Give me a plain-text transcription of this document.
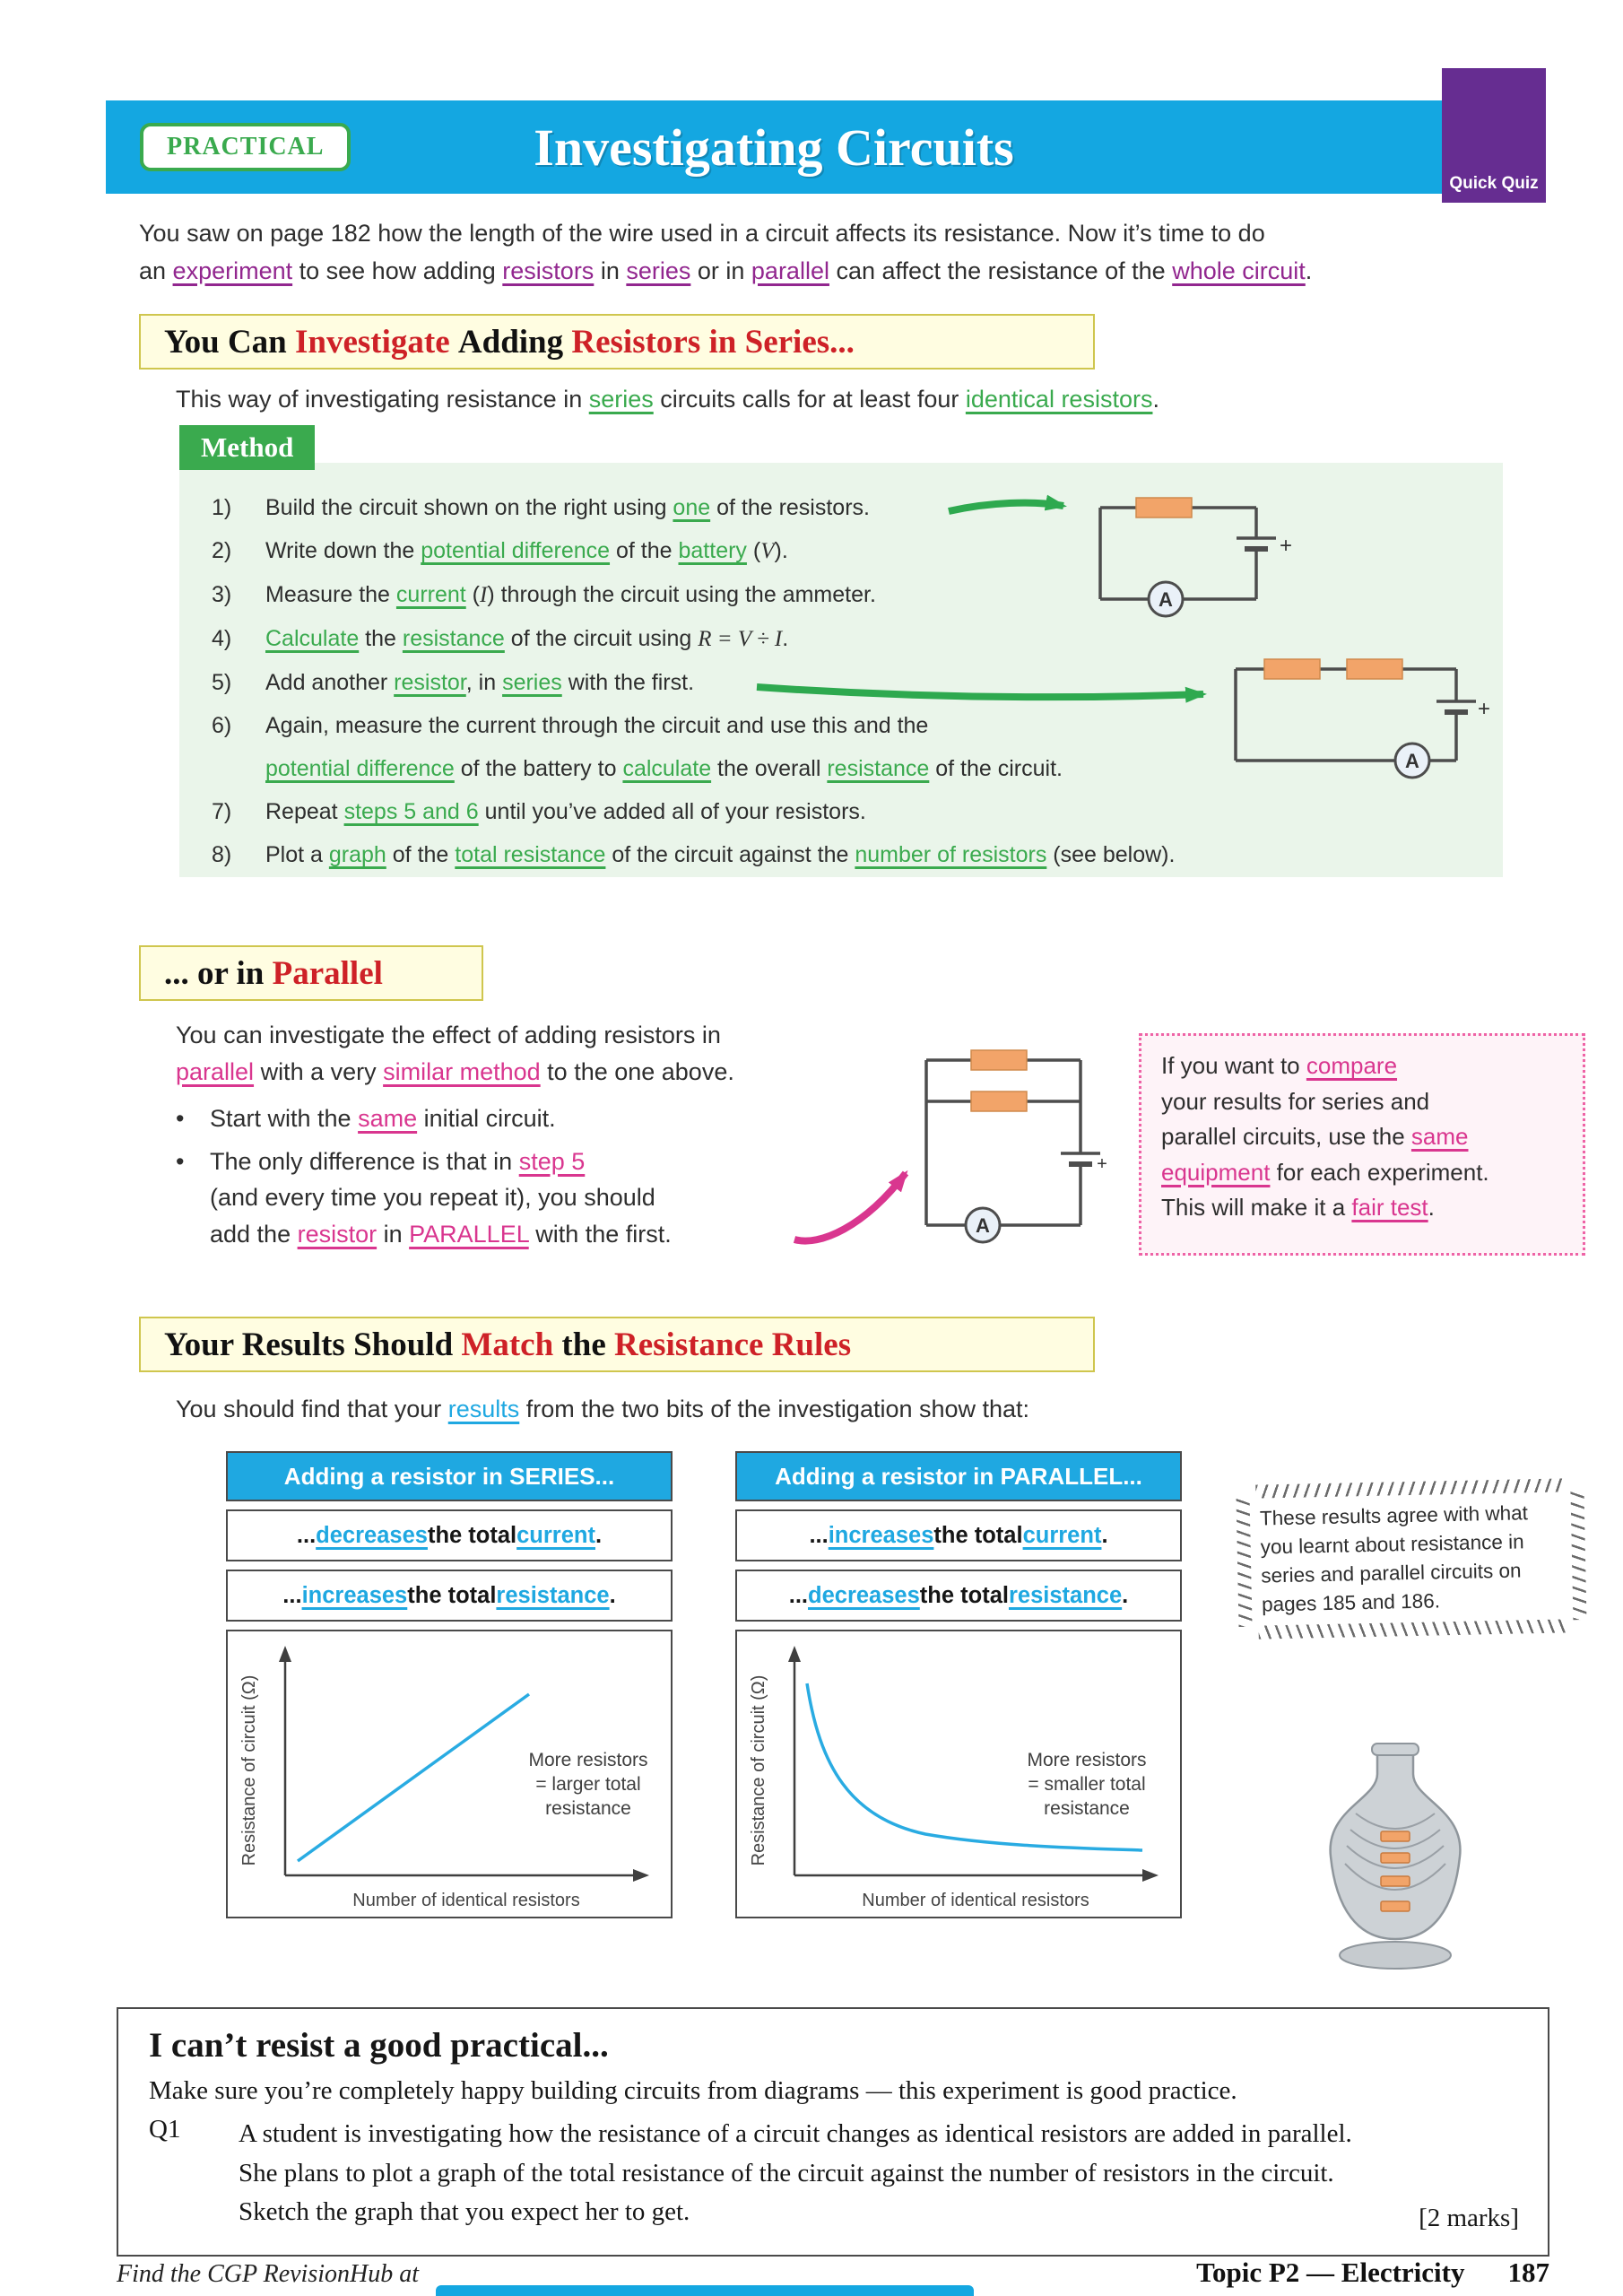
Quick Quiz
PRACTICAL	Investigating Circuits

You saw on page 182 how the length of the wire used in a circuit affects its resistance. Now it’s time to do
an experiment to see how adding resistors in series or in parallel can affect the resistance of the whole circuit.

You Can Investigate Adding Resistors in Series...

This way of investigating resistance in series circuits calls for at least four identical resistors.

Method
1)	Build the circuit shown on the right using one of the resistors.
2)	Write down the potential difference of the battery (V).
3)	Measure the current (I) through the circuit using the ammeter.
4)	Calculate the resistance of the circuit using R = V ÷ I.
5)	Add another resistor, in series with the first.
6)	Again, measure the current through the circuit and use this and the
potential difference of the battery to calculate the overall resistance of the circuit.
7)	Repeat steps 5 and 6 until you’ve added all of your resistors.
8)	Plot a graph of the total resistance of the circuit against the number of resistors (see below).
A
+
A
+
... or in Parallel

You can investigate the effect of adding resistors in
parallel with a very similar method to the one above.

• Start with the same initial circuit.
• The only difference is that in step 5
(and every time you repeat it), you should
add the resistor in PARALLEL with the first.	A
+
If you want to compare
your results for series and
parallel circuits, use the same
equipment for each experiment.
This will make it a fair test.
Your Results Should Match the Resistance Rules

You should find that your results from the two bits of the investigation show that:

Adding a resistor in SERIES...
... decreases the total current .
... increases the total resistance .
Resistance of circuit (Ω)
Number of identical resistors
More resistors
= larger total
resistance
Adding a resistor in PARALLEL...
... increases the total current .
... decreases the total resistance .
Resistance of circuit (Ω)
Number of identical resistors
More resistors
= smaller total
resistance

These results agree with what you learnt about resistance in series and parallel circuits on pages 185 and 186.

I can’t resist a good practical...

Make sure you’re completely happy building circuits from diagrams — this experiment is good practice.

Q1	A student is investigating how the resistance of a circuit changes as identical resistors are added in parallel. She plans to plot a graph of the total resistance of the circuit against the number of resistors in the circuit. Sketch the graph that you expect her to get.	[2 marks]
Find the CGP RevisionHub at	Topic P2 — Electricity 187
